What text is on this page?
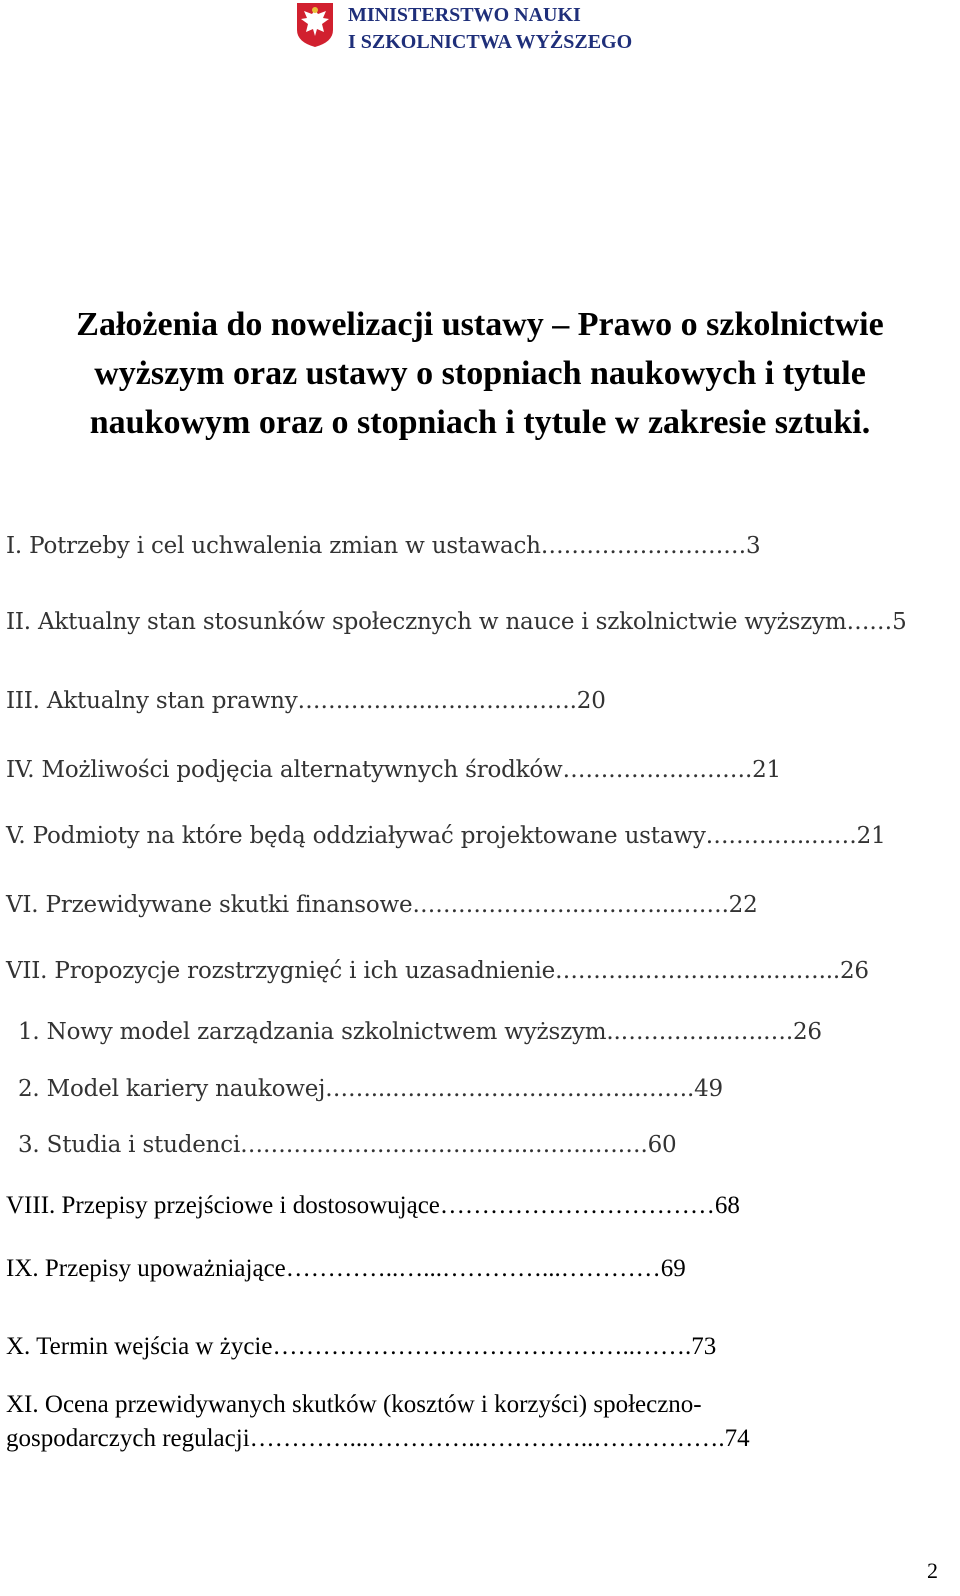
MINISTERSTWO NAUKI
I SZKOLNICTWA WYŻSZEGO
Założenia do nowelizacji ustawy – Prawo o szkolnictwie
wyższym oraz ustawy o stopniach naukowych i tytule
naukowym oraz o stopniach i tytule w zakresie sztuki.
I. Potrzeby i cel uchwalenia zmian w ustawach………………………3
II. Aktualny stan stosunków społecznych w nauce i szkolnictwie wyższym……5
III. Aktualny stan prawny……………...……………….20
IV. Możliwości podjęcia alternatywnych środków…………………….21
V. Podmioty na które będą oddziaływać projektowane ustawy…………..……21
VI. Przewidywane skutki finansowe…………………..………...…….22
VII. Propozycje rozstrzygnięć i ich uzasadnienie………...……………..……...26
1. Nowy model zarządzania szkolnictwem wyższym..…………...….….26
2. Model kariery naukowej……...…………………………...…….49
3. Studia i studenci………………………………...……..…….60
VIII. Przepisy przejściowe i dostosowujące……………………………68
IX. Przepisy upoważniające…………..…...…………...…………69
X. Termin wejścia w życie……………………………………..…….73
XI. Ocena przewidywanych skutków (kosztów i korzyści) społeczno-
gospodarczych regulacji…………...…………..…………..…………….74
2
